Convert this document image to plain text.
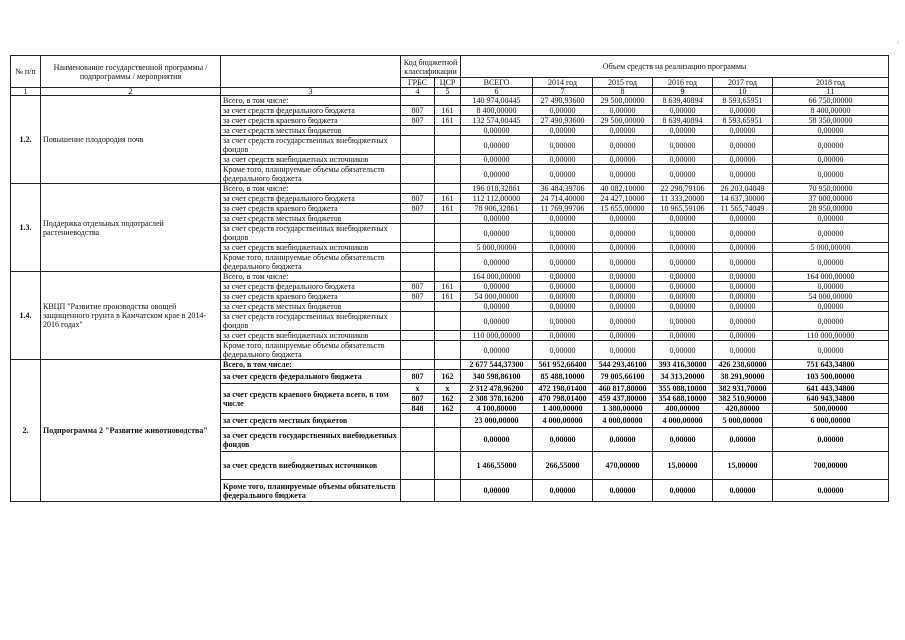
№ п/п	Наименование государственной программы / подпрограммы / мероприятия		Код бюджетной классификации		Объем средств на реализацию программы					
			ГРБС	ЦСР	ВСЕГО	2014 год	2015 год	2016 год	2017 год	2018 год
1	2	3	4	5	6	7	8	9	10	11
1.2.	Повышение плодородия почв	Всего, в том числе:			140 974,00445	27 490,93600	29 500,00000	8 639,40894	8 593,65951	66 750,00000
		за счет средств федерального бюджета	807	161	8 400,00000	0,00000	0,00000	0,00000	0,00000	8 400,00000
		за счет средств краевого бюджета	807	161	132 574,00445	27 490,93600	29 500,00000	8 639,40894	8 593,65951	58 350,00000
		за счет средств местных бюджетов			0,00000	0,00000	0,00000	0,00000	0,00000	0,00000
		за счет средств государственных внебюджетных фондов			0,00000	0,00000	0,00000	0,00000	0,00000	0,00000
		за счет средств внебюджетных источников			0,00000	0,00000	0,00000	0,00000	0,00000	0,00000
		Кроме того, планируемые объемы обязательств федерального бюджета			0,00000	0,00000	0,00000	0,00000	0,00000	0,00000
1.3.	Поддержка отдельных подотраслей растениеводства	Всего, в том числе:			196 018,32861	36 484,39706	40 082,10000	22 298,79106	26 203,04049	70 950,00000
		за счет средств федерального бюджета	807	161	112 112,00000	24 714,40000	24 427,10000	11 333,20000	14 637,30000	37 000,00000
		за счет средств краевого бюджета	807	161	78 906,32861	11 769,99706	15 655,00000	10 965,59106	11 565,74049	28 950,00000
		за счет средств местных бюджетов			0,00000	0,00000	0,00000	0,00000	0,00000	0,00000
		за счет средств государственных внебюджетных фондов			0,00000	0,00000	0,00000	0,00000	0,00000	0,00000
		за счет средств внебюджетных источников			5 000,00000	0,00000	0,00000	0,00000	0,00000	5 000,00000
		Кроме того, планируемые объемы обязательств федерального бюджета			0,00000	0,00000	0,00000	0,00000	0,00000	0,00000
1.4.	КВЦП "Развитие производства овощей защищенного грунта в Камчатском крае в 2014-2016 годах"	Всего, в том числе:			164 000,00000	0,00000	0,00000	0,00000	0,00000	164 000,00000
		за счет средств федерального бюджета	807	161	0,00000	0,00000	0,00000	0,00000	0,00000	0,00000
		за счет средств краевого бюджета	807	161	54 000,00000	0,00000	0,00000	0,00000	0,00000	54 000,00000
		за счет средств местных бюджетов			0,00000	0,00000	0,00000	0,00000	0,00000	0,00000
		за счет средств государственных внебюджетных фондов			0,00000	0,00000	0,00000	0,00000	0,00000	0,00000
		за счет средств внебюджетных источников			110 000,00000	0,00000	0,00000	0,00000	0,00000	110 000,00000
		Кроме того, планируемые объемы обязательств федерального бюджета			0,00000	0,00000	0,00000	0,00000	0,00000	0,00000
2.	Подпрограмма 2 "Развитие животноводства"	Всего, в том числе:			2 677 544,37300	561 952,66400	544 293,46100	393 416,30000	426 238,60000	751 643,34800
		за счет средств федерального бюджета	807	162	340 598,86100	85 488,10000	79 005,66100	34 313,20000	38 291,90000	103 500,00000
		за счет средств краевого бюджета всего, в том числе	x	x	2 312 478,96200	472 198,01400	460 817,80000	355 088,10000	382 931,70000	641 443,34800
			807	162	2 308 378,16200	470 798,01400	459 437,80000	354 688,10000	382 510,90000	640 943,34800
			848	162	4 100,80000	1 400,00000	1 380,00000	400,00000	420,80000	500,00000
		за счет средств местных бюджетов			23 000,00000	4 000,00000	4 000,00000	4 000,00000	5 000,00000	6 000,00000
		за счет средств государственных внебюджетных фондов			0,00000	0,00000	0,00000	0,00000	0,00000	0,00000
		за счет средств внебюджетных источников			1 466,55000	266,55000	470,00000	15,00000	15,00000	700,00000
		Кроме того, планируемые объемы обязательств федерального бюджета			0,00000	0,00000	0,00000	0,00000	0,00000	0,00000
′
